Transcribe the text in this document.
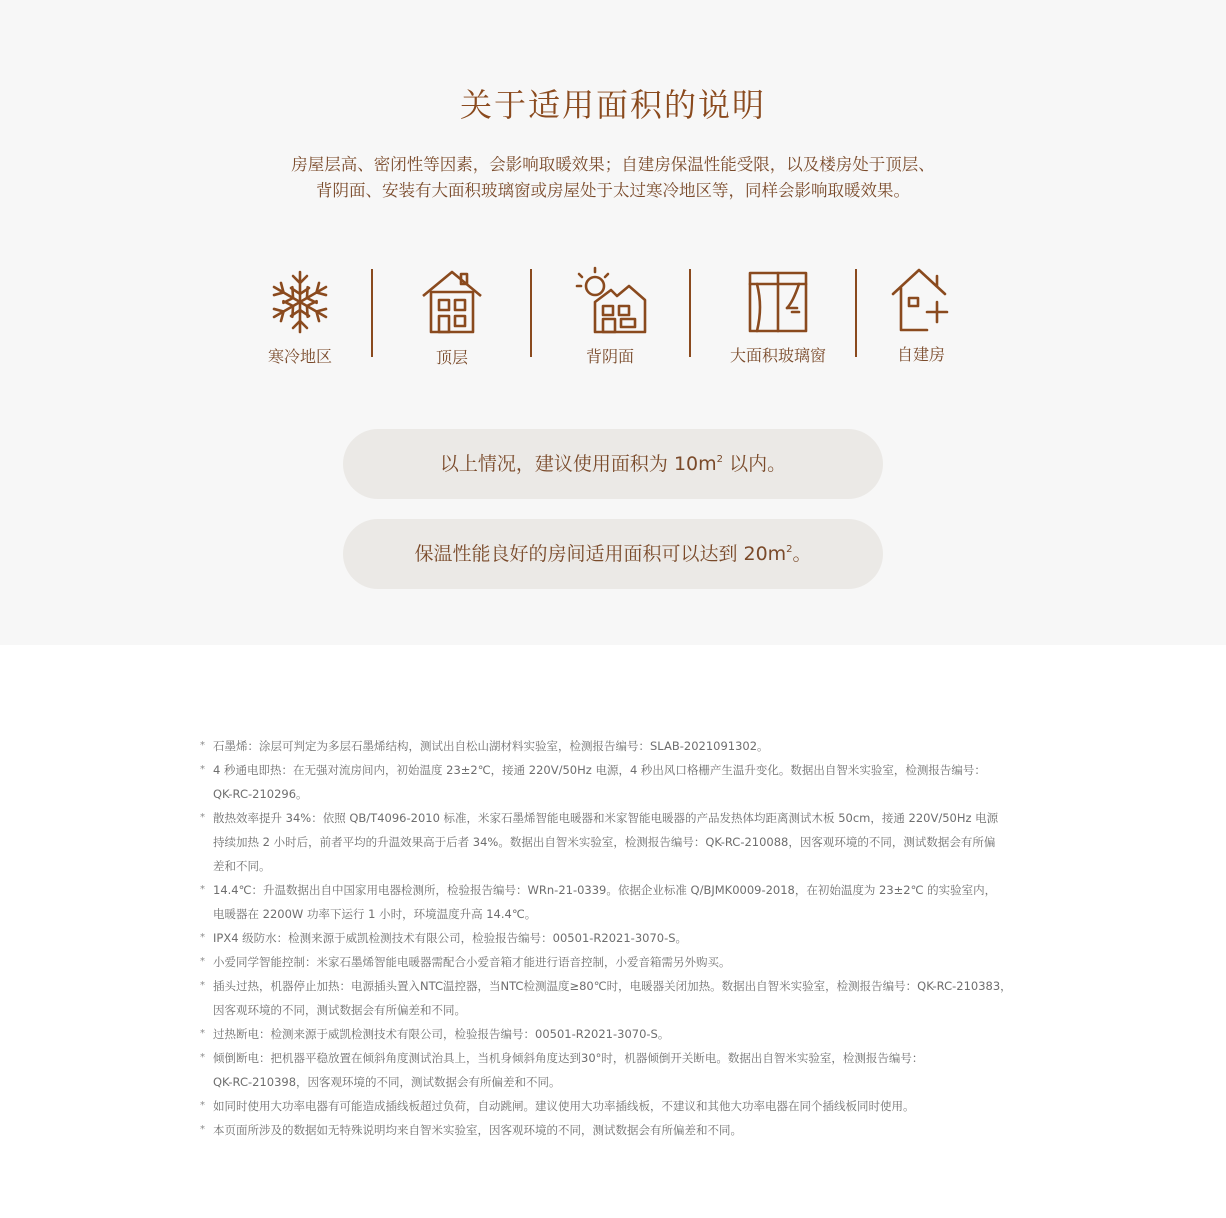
关于适用面积的说明
房屋层高、密闭性等因素，会影响取暖效果；自建房保温性能受限，以及楼房处于顶层、
背阴面、安装有大面积玻璃窗或房屋处于太过寒冷地区等，同样会影响取暖效果。
寒冷地区	顶层	背阴面	大面积玻璃窗	自建房
以上情况，建议使用面积为 $10m^2$ 以内。
保温性能良好的房间适用面积可以达到 $20m^2$。
* 石墨烯：涂层可判定为多层石墨烯结构，测试出自松山湖材料实验室，检测报告编号：SLAB-2021091302。
* 4 秒通电即热：在无强对流房间内，初始温度 23±2℃，接通 220V/50Hz 电源，4 秒出风口格栅产生温升变化。数据出自智米实验室，检测报告编号：
QK-RC-210296。
* 散热效率提升 34%：依照 QB/T4096-2010 标准，米家石墨烯智能电暖器和米家智能电暖器的产品发热体均距离测试木板 50cm，接通 220V/50Hz 电源
持续加热 2 小时后，前者平均的升温效果高于后者 34%。数据出自智米实验室，检测报告编号：QK-RC-210088，因客观环境的不同，测试数据会有所偏
差和不同。
* 14.4℃：升温数据出自中国家用电器检测所，检验报告编号：WRn-21-0339。依据企业标准 Q/BJMK0009-2018，在初始温度为 23±2℃ 的实验室内，
电暖器在 2200W 功率下运行 1 小时，环境温度升高 14.4℃。
* IPX4 级防水：检测来源于威凯检测技术有限公司，检验报告编号：00501-R2021-3070-S。
* 小爱同学智能控制：米家石墨烯智能电暖器需配合小爱音箱才能进行语音控制，小爱音箱需另外购买。
* 插头过热，机器停止加热：电源插头置入NTC温控器，当NTC检测温度≥80℃时，电暖器关闭加热。数据出自智米实验室，检测报告编号：QK-RC-210383，
因客观环境的不同，测试数据会有所偏差和不同。
* 过热断电：检测来源于威凯检测技术有限公司，检验报告编号：00501-R2021-3070-S。
* 倾倒断电：把机器平稳放置在倾斜角度测试治具上，当机身倾斜角度达到30°时，机器倾倒开关断电。数据出自智米实验室，检测报告编号：
QK-RC-210398，因客观环境的不同，测试数据会有所偏差和不同。
* 如同时使用大功率电器有可能造成插线板超过负荷，自动跳闸。建议使用大功率插线板，不建议和其他大功率电器在同个插线板同时使用。
* 本页面所涉及的数据如无特殊说明均来自智米实验室，因客观环境的不同，测试数据会有所偏差和不同。
